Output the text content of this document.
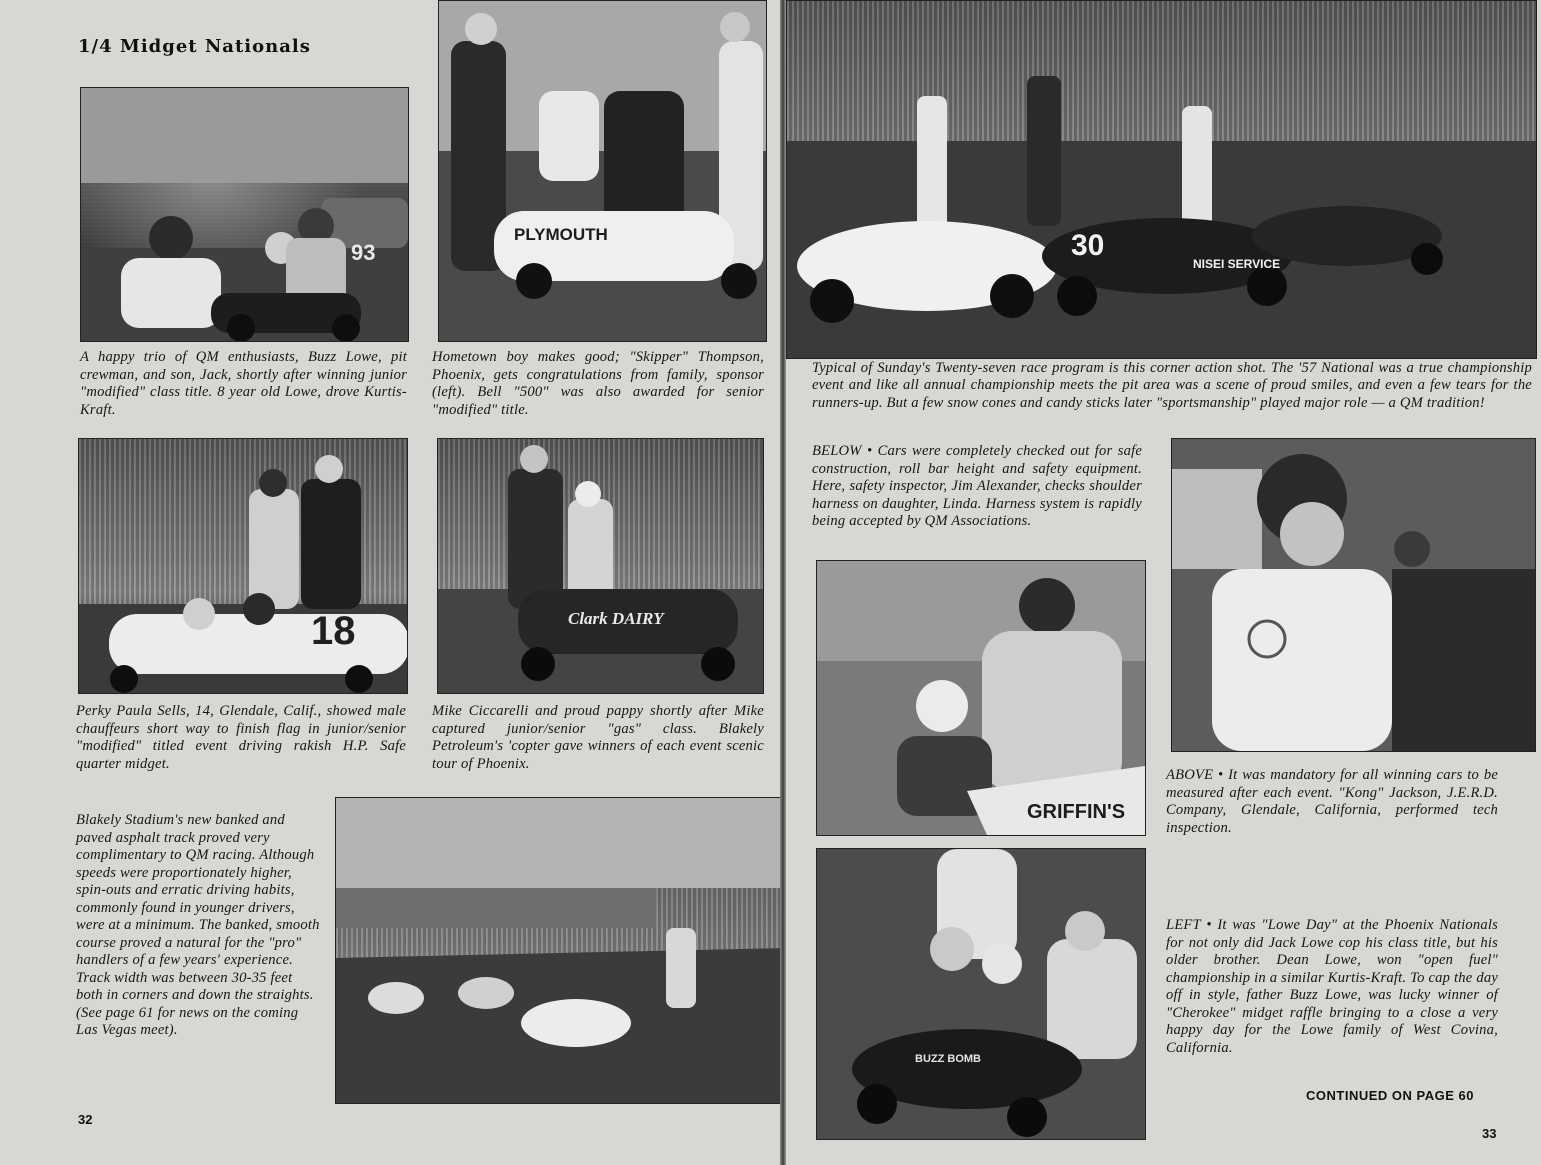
1/4 Midget Nationals
93
PLYMOUTH

A happy trio of QM enthusiasts, Buzz Lowe, pit crewman, and son, Jack, shortly after winning junior "modified" class title. 8 year old Lowe, drove Kurtis-Kraft.

Hometown boy makes good; "Skipper" Thompson, Phoenix, gets congratulations from family, sponsor (left). Bell "500" was also awarded for senior "modified" title.

18	Clark DAIRY

Perky Paula Sells, 14, Glendale, Calif., showed male chauffeurs short way to finish flag in junior/senior "modified" titled event driving rakish H.P. Safe quarter midget.

Mike Ciccarelli and proud pappy shortly after Mike captured junior/senior "gas" class. Blakely Petroleum's 'copter gave winners of each event scenic tour of Phoenix.

Blakely Stadium's new banked and paved asphalt track proved very complimentary to QM racing. Although speeds were proportionately higher, spin-outs and erratic driving habits, commonly found in younger drivers, were at a minimum. The banked, smooth course proved a natural for the "pro" handlers of a few years' experience. Track width was between 30-35 feet both in corners and down the straights. (See page 61 for news on the coming Las Vegas meet).

32
30
NISEI SERVICE

Typical of Sunday's Twenty-seven race program is this corner action shot. The '57 National was a true championship event and like all annual championship meets the pit area was a scene of proud smiles, and even a few tears for the runners-up. But a few snow cones and candy sticks later "sportsmanship" played major role — a QM tradition!

BELOW • Cars were completely checked out for safe construction, roll bar height and safety equipment. Here, safety inspector, Jim Alexander, checks shoulder harness on daughter, Linda. Harness system is rapidly being accepted by QM Associations.

GRIFFIN'S

ABOVE • It was mandatory for all winning cars to be measured after each event. "Kong" Jackson, J.E.R.D. Company, Glendale, California, performed tech inspection.

BUZZ BOMB

LEFT • It was "Lowe Day" at the Phoenix Nationals for not only did Jack Lowe cop his class title, but his older brother. Dean Lowe, won "open fuel" championship in a similar Kurtis-Kraft. To cap the day off in style, father Buzz Lowe, was lucky winner of "Cherokee" midget raffle bringing to a close a very happy day for the Lowe family of West Covina, California.

CONTINUED ON PAGE 60
33
